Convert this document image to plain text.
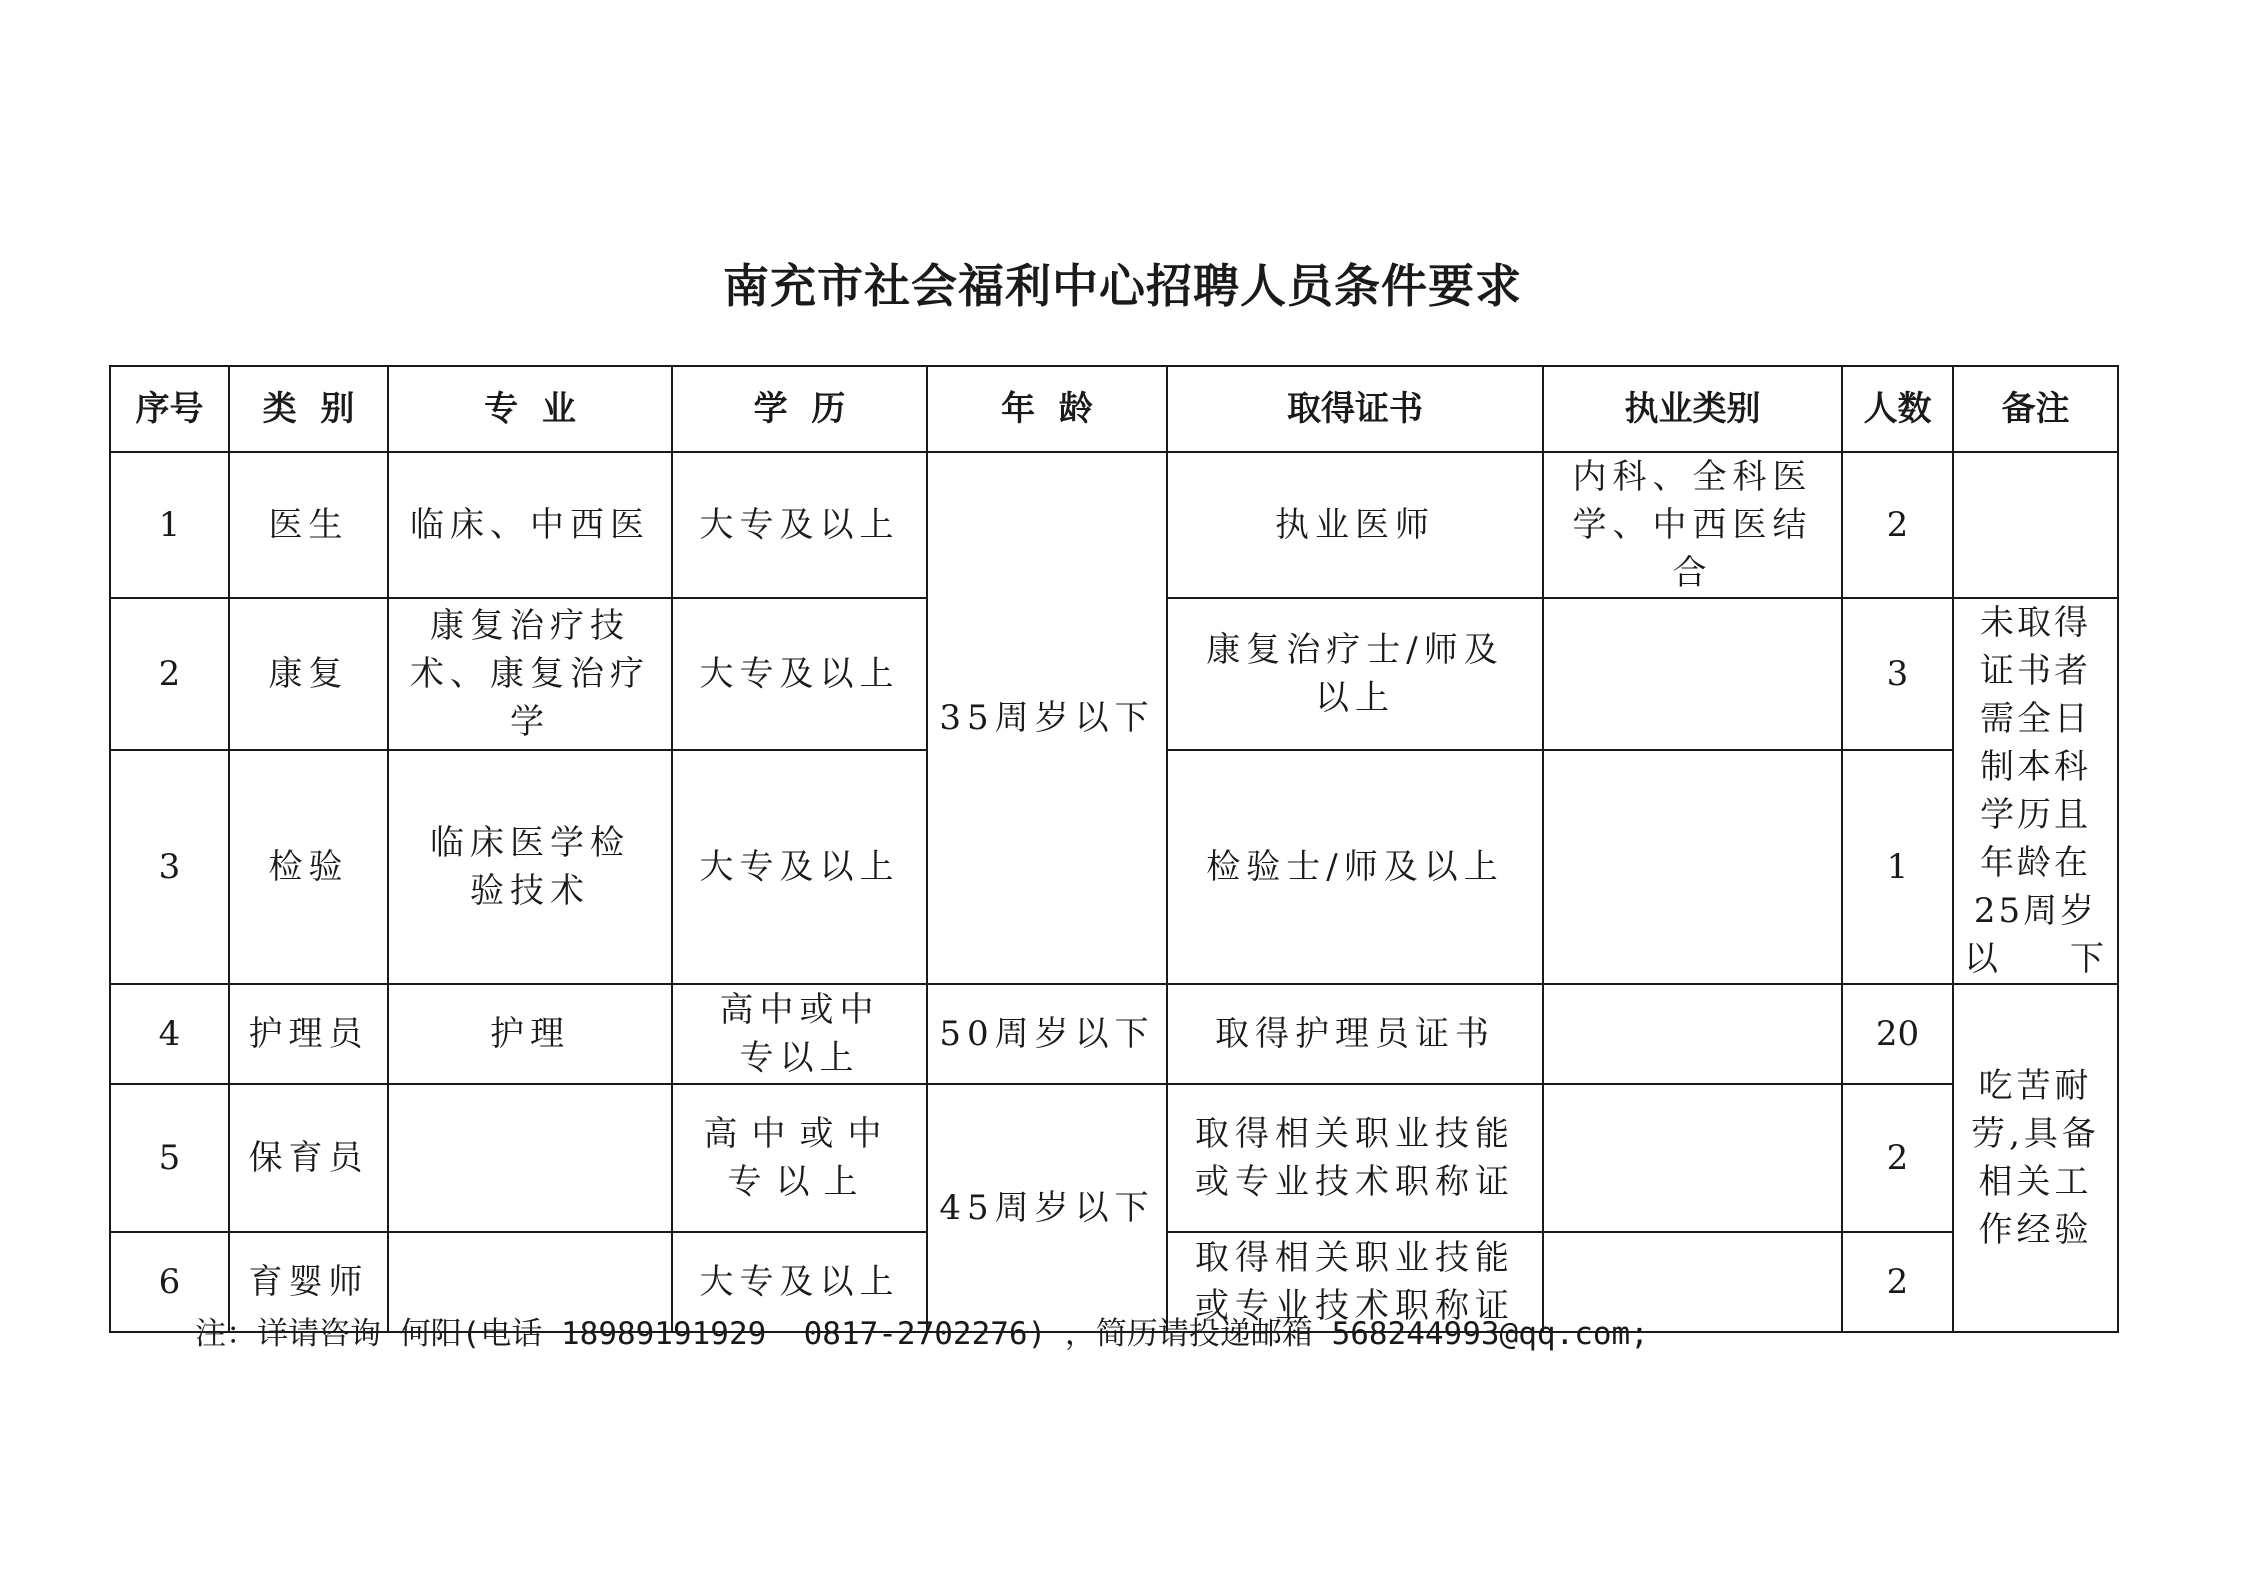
南充市社会福利中心招聘人员条件要求
序号	类  别	专  业	学  历	年  龄	取得证书	执业类别	人数	备注
1	医生	临床、中西医	大专及以上	35周岁以下	执业医师	内科、全科医学、中西医结合	2	
2	康复	康复治疗技术、康复治疗学	大专及以上		康复治疗士/师及以上		3	未取得证书者需全日制本科学历且年龄在25周岁以下
3	检验	临床医学检验技术	大专及以上		检验士/师及以上		1	
4	护理员	护理	高中或中专以上	50周岁以下	取得护理员证书		20	吃苦耐劳,具备相关工作经验
5	保育员		高中或中专以上	45周岁以下	取得相关职业技能或专业技术职称证		2	
6	育婴师		大专及以上		取得相关职业技能或专业技术职称证		2	
注：详请咨询 何阳(电话 18989191929  0817-2702276) ，简历请投递邮箱 568244993@qq.com;
